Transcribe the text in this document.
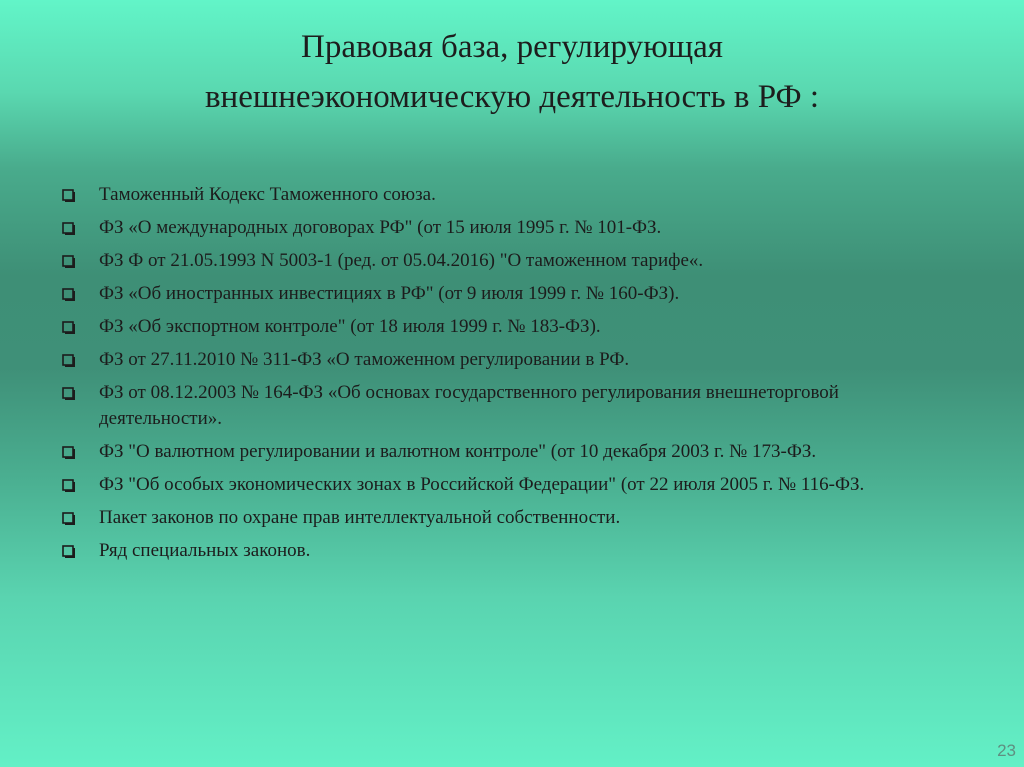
Правовая база, регулирующая
внешнеэкономическую деятельность в РФ :
Таможенный Кодекс Таможенного союза.
ФЗ «О международных договорах РФ" (от 15 июля 1995 г. № 101-ФЗ.
ФЗ Ф от 21.05.1993 N 5003-1 (ред. от 05.04.2016) "О таможенном тарифе«.
ФЗ «Об иностранных инвестициях в РФ" (от 9 июля 1999 г. № 160-ФЗ).
ФЗ «Об экспортном контроле" (от 18 июля 1999 г. № 183-ФЗ).
ФЗ от 27.11.2010 № 311-ФЗ «О таможенном регулировании в РФ.
ФЗ от 08.12.2003 № 164-ФЗ «Об основах государственного регулирования внешнеторговой деятельности».
ФЗ "О валютном регулировании и валютном контроле" (от 10 декабря 2003 г. № 173-ФЗ.
ФЗ "Об особых экономических зонах в Российской Федерации" (от 22 июля 2005 г. № 116-ФЗ.
Пакет законов по охране прав интеллектуальной собственности.
Ряд специальных законов.
23
